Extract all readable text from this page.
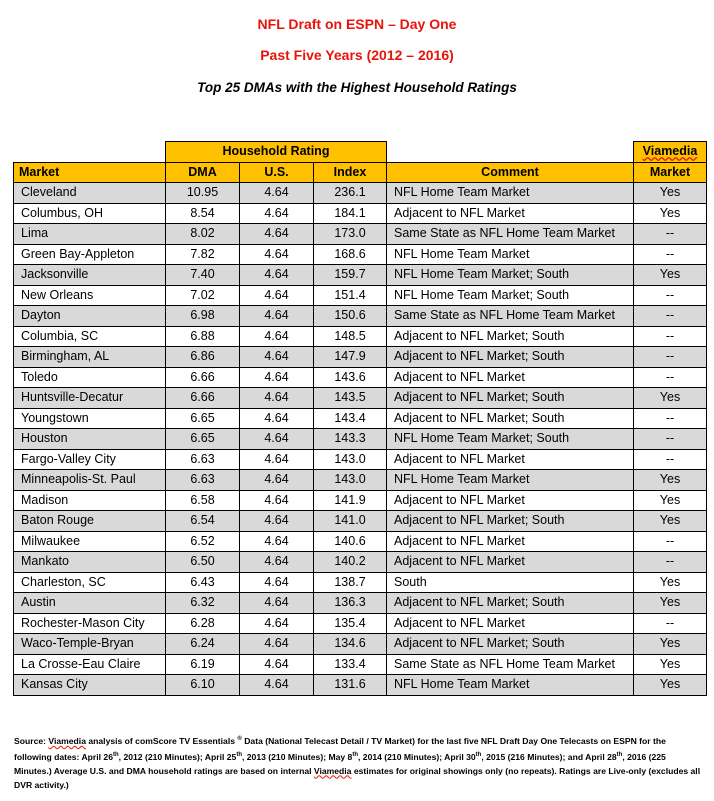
NFL Draft on ESPN – Day One
Past Five Years (2012 – 2016)
Top 25 DMAs with the Highest Household Ratings
	Household Rating				Viamedia
Market	DMA	U.S.	Index	Comment	Market
Cleveland	10.95	4.64	236.1	NFL Home Team Market	Yes
Columbus, OH	8.54	4.64	184.1	Adjacent to NFL Market	Yes
Lima	8.02	4.64	173.0	Same State as NFL Home Team Market	--
Green Bay-Appleton	7.82	4.64	168.6	NFL Home Team Market	--
Jacksonville	7.40	4.64	159.7	NFL Home Team Market; South	Yes
New Orleans	7.02	4.64	151.4	NFL Home Team Market; South	--
Dayton	6.98	4.64	150.6	Same State as NFL Home Team Market	--
Columbia, SC	6.88	4.64	148.5	Adjacent to NFL Market; South	--
Birmingham, AL	6.86	4.64	147.9	Adjacent to NFL Market; South	--
Toledo	6.66	4.64	143.6	Adjacent to NFL Market	--
Huntsville-Decatur	6.66	4.64	143.5	Adjacent to NFL Market; South	Yes
Youngstown	6.65	4.64	143.4	Adjacent to NFL Market; South	--
Houston	6.65	4.64	143.3	NFL Home Team Market; South	--
Fargo-Valley City	6.63	4.64	143.0	Adjacent to NFL Market	--
Minneapolis-St. Paul	6.63	4.64	143.0	NFL Home Team Market	Yes
Madison	6.58	4.64	141.9	Adjacent to NFL Market	Yes
Baton Rouge	6.54	4.64	141.0	Adjacent to NFL Market; South	Yes
Milwaukee	6.52	4.64	140.6	Adjacent to NFL Market	--
Mankato	6.50	4.64	140.2	Adjacent to NFL Market	--
Charleston, SC	6.43	4.64	138.7	South	Yes
Austin	6.32	4.64	136.3	Adjacent to NFL Market; South	Yes
Rochester-Mason City	6.28	4.64	135.4	Adjacent to NFL Market	--
Waco-Temple-Bryan	6.24	4.64	134.6	Adjacent to NFL Market; South	Yes
La Crosse-Eau Claire	6.19	4.64	133.4	Same State as NFL Home Team Market	Yes
Kansas City	6.10	4.64	131.6	NFL Home Team Market	Yes
Source: Viamedia analysis of comScore TV Essentials ® Data (National Telecast Detail / TV Market) for the last five NFL Draft Day One Telecasts on ESPN for the following dates: April 26th, 2012 (210 Minutes); April 25th, 2013 (210 Minutes); May 8th, 2014 (210 Minutes); April 30th, 2015 (216 Minutes); and April 28th, 2016 (225 Minutes.) Average U.S. and DMA household ratings are based on internal Viamedia estimates for original showings only (no repeats). Ratings are Live-only (excludes all DVR activity.)
